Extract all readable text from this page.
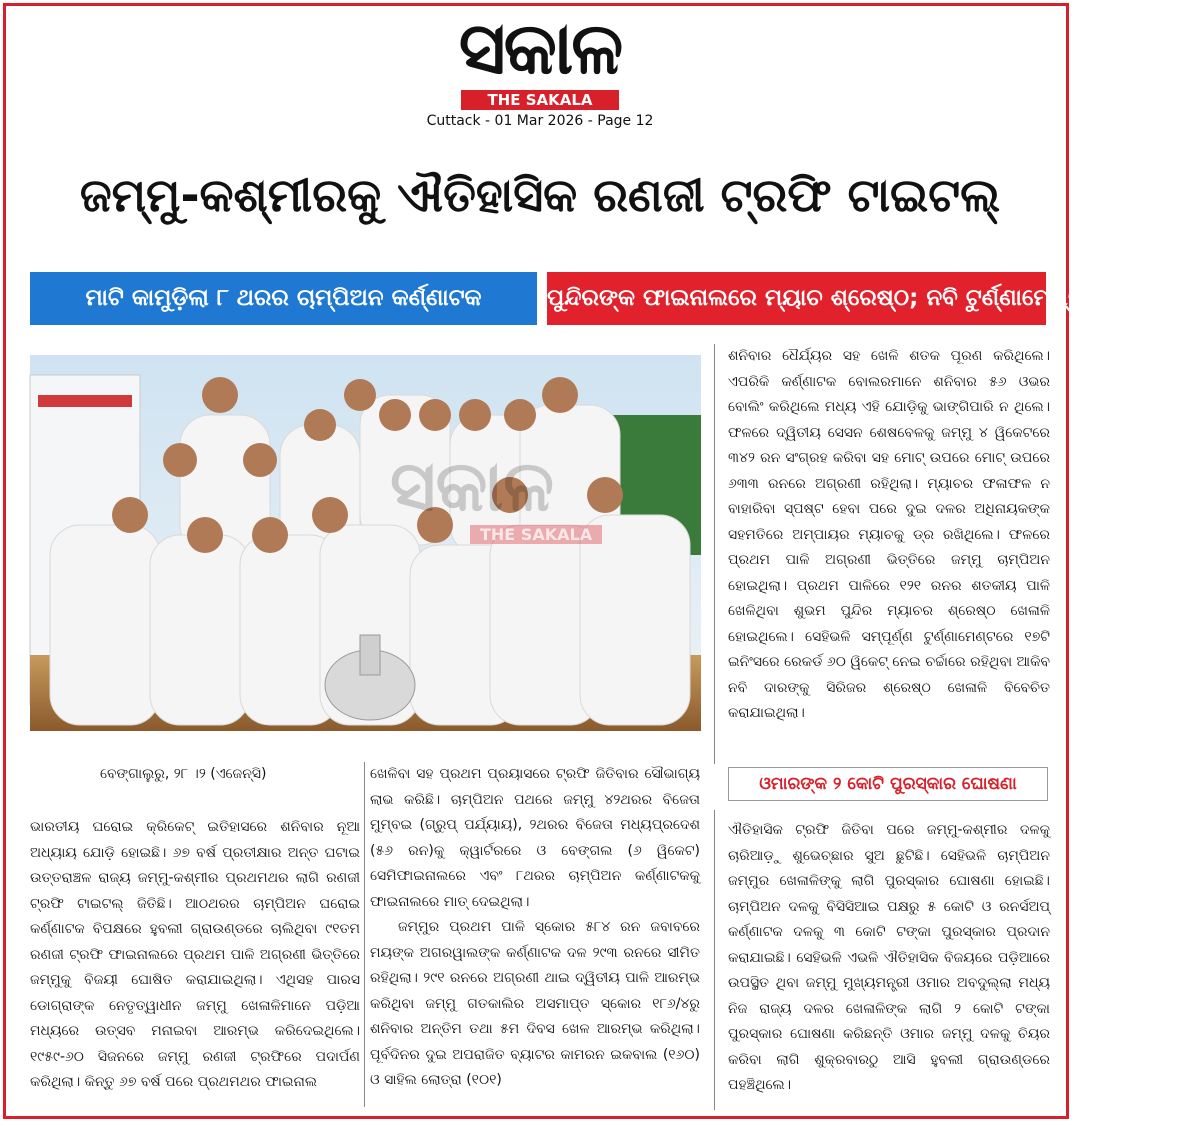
ସକାଳ
THE SAKALA
Cuttack - 01 Mar 2026 - Page 12
ଜମ୍ମୁ-କଶ୍ମୀରକୁ ଐତିହାସିକ ରଣଜୀ ଟ୍ରଫି ଟାଇଟଲ୍
ମାଟି କାମୁଡ଼ିଲା ୮ ଥରର ଚାମ୍ପିଅନ କର୍ଣ୍ଣାଟକ	ପୁନ୍ଦିରଙ୍କ ଫାଇନାଲରେ ମ୍ୟାଚ ଶ୍ରେଷ୍ଠ; ନବି ଟୁର୍ଣ୍ଣାମେଣ୍ଟର ଶ୍ରେଷ୍ଠ
ସକାଳ
THE SAKALA

ଶନିବାର ଧୈର୍ଯ୍ୟର ସହ ଖେଳି ଶତକ ପୂରଣ କରିଥିଲେ। ଏପରିକି କର୍ଣ୍ଣାଟକ ବୋଲରମାନେ ଶନିବାର ୫୬ ଓଭର ବୋଲିଂ କରିଥିଲେ ମଧ୍ୟ ଏହି ଯୋଡ଼ିକୁ ଭାଙ୍ଗିପାରି ନ ଥିଲେ। ଫଳରେ ଦ୍ୱିତୀୟ ସେସନ ଶେଷବେଳକୁ ଜମ୍ମୁ ୪ ୱିକେଟରେ ୩୪୨ ରନ ସଂଗ୍ରହ କରିବା ସହ ମୋଟ୍ ଉପରେ ମୋଟ୍ ଉପରେ ୬୩୩ ରନରେ ଅଗ୍ରଣୀ ରହିଥିଲା। ମ୍ୟାଚର ଫଳାଫଳ ନ ବାହାରିବା ସ୍ପଷ୍ଟ ହେବା ପରେ ଦୁଇ ଦଳର ଅଧିନାୟକଙ୍କ ସହମତିରେ ଅମ୍ପାୟର ମ୍ୟାଚକୁ ଡ୍ର ରଖିଥିଲେ। ଫଳରେ ପ୍ରଥମ ପାଳି ଅଗ୍ରଣୀ ଭିତ୍ତିରେ ଜମ୍ମୁ ଚାମ୍ପିଅନ ହୋଇଥିଲା। ପ୍ରଥମ ପାଳିରେ ୧୨୧ ରନର ଶତକୀୟ ପାଳି ଖେଳିଥିବା ଶୁଭମ ପୁନ୍ଦିର ମ୍ୟାଚର ଶ୍ରେଷ୍ଠ ଖେଳାଳି ହୋଇଥିଲେ। ସେହିଭଳି ସମ୍ପୂର୍ଣ୍ଣ ଟୁର୍ଣ୍ଣାମେଣ୍ଟରେ ୧୭ଟି ଇନିଂସରେ ରେକର୍ଡ ୬୦ ୱିକେଟ୍ ନେଇ ଚର୍ଚ୍ଚାରେ ରହିଥିବା ଆକିବ ନବି ଦାରଙ୍କୁ ସିରିଜର ଶ୍ରେଷ୍ଠ ଖେଳାଳି ବିବେଚିତ କରାଯାଇଥିଲା।

ବେଙ୍ଗାଲୁରୁ, ୨୮ ।୨ (ଏଜେନ୍ସି)

ଭାରତୀୟ ଘରୋଇ କ୍ରିକେଟ୍ ଇତିହାସରେ ଶନିବାର ନୂଆ ଅଧ୍ୟାୟ ଯୋଡ଼ି ହୋଇଛି। ୬୭ ବର୍ଷ ପ୍ରତୀକ୍ଷାର ଅନ୍ତ ଘଟାଇ ଉତ୍ତରାଞ୍ଚଳ ରାଜ୍ୟ ଜମ୍ମୁ-କଶ୍ମୀର ପ୍ରଥମଥର ଲାଗି ରଣଜୀ ଟ୍ରଫି ଟାଇଟଲ୍ ଜିତିଛି। ଆଠଥରର ଚାମ୍ପିଅନ ଘରୋଇ କର୍ଣ୍ଣାଟକ ବିପକ୍ଷରେ ହୁବଲୀ ଗ୍ରାଉଣ୍ଡରେ ଚାଲିଥିବା ୯୧ତମ ରଣଜୀ ଟ୍ରଫି ଫାଇନାଲରେ ପ୍ରଥମ ପାଳି ଅଗ୍ରଣୀ ଭିତ୍ତିରେ ଜମ୍ମୁକୁ ବିଜୟୀ ଘୋଷିତ କରାଯାଇଥିଲା। ଏଥିସହ ପାରସ ଡୋଗ୍ରାଙ୍କ ନେତୃତ୍ୱାଧୀନ ଜମ୍ମୁ ଖେଳାଳିମାନେ ପଡ଼ିଆ ମଧ୍ୟରେ ଉତ୍ସବ ମନାଇବା ଆରମ୍ଭ କରିଦେଇଥିଲେ। ୧୯୫୯-୬୦ ସିଜନରେ ଜମ୍ମୁ ରଣଜୀ ଟ୍ରଫିରେ ପଦାର୍ପଣ କରିଥିଲା। କିନ୍ତୁ ୬୭ ବର୍ଷ ପରେ ପ୍ରଥମଥର ଫାଇନାଲ

ଖେଳିବା ସହ ପ୍ରଥମ ପ୍ରୟାସରେ ଟ୍ରଫି ଜିତିବାର ସୌଭାଗ୍ୟ ଲାଭ କରିଛି। ଚାମ୍ପିଅନ ପଥରେ ଜମ୍ମୁ ୪୨ଥରର ବିଜେତା ମୁମ୍ବଇ (ଗ୍ରୁପ୍ ପର୍ଯ୍ୟାୟ), ୨ଥରର ବିଜେତା ମଧ୍ୟପ୍ରଦେଶ (୫୬ ରନ)କୁ କ୍ୱାର୍ଟରରେ ଓ ବେଙ୍ଗଲ (୬ ୱିକେଟ) ସେମିଫାଇନାଲରେ ଏବଂ ୮ଥରର ଚାମ୍ପିଅନ କର୍ଣ୍ଣାଟକକୁ ଫାଇନାଲରେ ମାତ୍ ଦେଇଥିଲା।

ଜମ୍ମୁର ପ୍ରଥମ ପାଳି ସ୍କୋର ୫୮୪ ରନ ଜବାବରେ ମୟଙ୍କ ଅଗରୱାଲଙ୍କ କର୍ଣ୍ଣାଟକ ଦଳ ୨୯୩ ରନରେ ସୀମିତ ରହିଥିଲା। ୨୯୧ ରନରେ ଅଗ୍ରଣୀ ଥାଇ ଦ୍ୱିତୀୟ ପାଳି ଆରମ୍ଭ କରିଥିବା ଜମ୍ମୁ ଗତକାଲିର ଅସମାପ୍ତ ସ୍କୋର ୧୮୬/୪ରୁ ଶନିବାର ଅନ୍ତିମ ତଥା ୫ମ ଦିବସ ଖେଳ ଆରମ୍ଭ କରିଥିଲା। ପୂର୍ବଦିନର ଦୁଇ ଅପରାଜିତ ବ୍ୟାଟର କାମରନ ଇକବାଲ (୧୬୦) ଓ ସାହିଲ ଲୋତ୍ରା (୧୦୧)

ଓମାରଙ୍କ ୨ କୋଟି ପୁରସ୍କାର ଘୋଷଣା

ଐତିହାସିକ ଟ୍ରଫି ଜିତିବା ପରେ ଜମ୍ମୁ-କଶ୍ମୀର ଦଳକୁ ଚାରିଆଡ଼ୁ ଶୁଭେଚ୍ଛାର ସୁଅ ଛୁଟିଛି। ସେହିଭଳି ଚାମ୍ପିଅନ ଜମ୍ମୁର ଖେଳାଳିଙ୍କୁ ଲାଗି ପୁରସ୍କାର ଘୋଷଣା ହୋଇଛି। ଚାମ୍ପିଅନ ଦଳକୁ ବିସିସିଆଇ ପକ୍ଷରୁ ୫ କୋଟି ଓ ରନର୍ସଅପ୍ କର୍ଣ୍ଣାଟକ ଦଳକୁ ୩ କୋଟି ଟଙ୍କା ପୁରସ୍କାର ପ୍ରଦାନ କରାଯାଇଛି। ସେହିଭଳି ଏଭଳି ଐତିହାସିକ ବିଜୟରେ ପଡ଼ିଆରେ ଉପସ୍ଥିତ ଥିବା ଜମ୍ମୁ ମୁଖ୍ୟମନ୍ତ୍ରୀ ଓମାର ଅବଦୁଲ୍ଲା ମଧ୍ୟ ନିଜ ରାଜ୍ୟ ଦଳର ଖେଳାଳିଙ୍କ ଲାଗି ୨ କୋଟି ଟଙ୍କା ପୁରସ୍କାର ଘୋଷଣା କରିଛନ୍ତି ଓମାର ଜମ୍ମୁ ଦଳକୁ ଚିୟର କରିବା ଲାଗି ଶୁକ୍ରବାରଠୁ ଆସି ହୁବଲୀ ଗ୍ରାଉଣ୍ଡରେ ପହଞ୍ଚିଥିଲେ।
